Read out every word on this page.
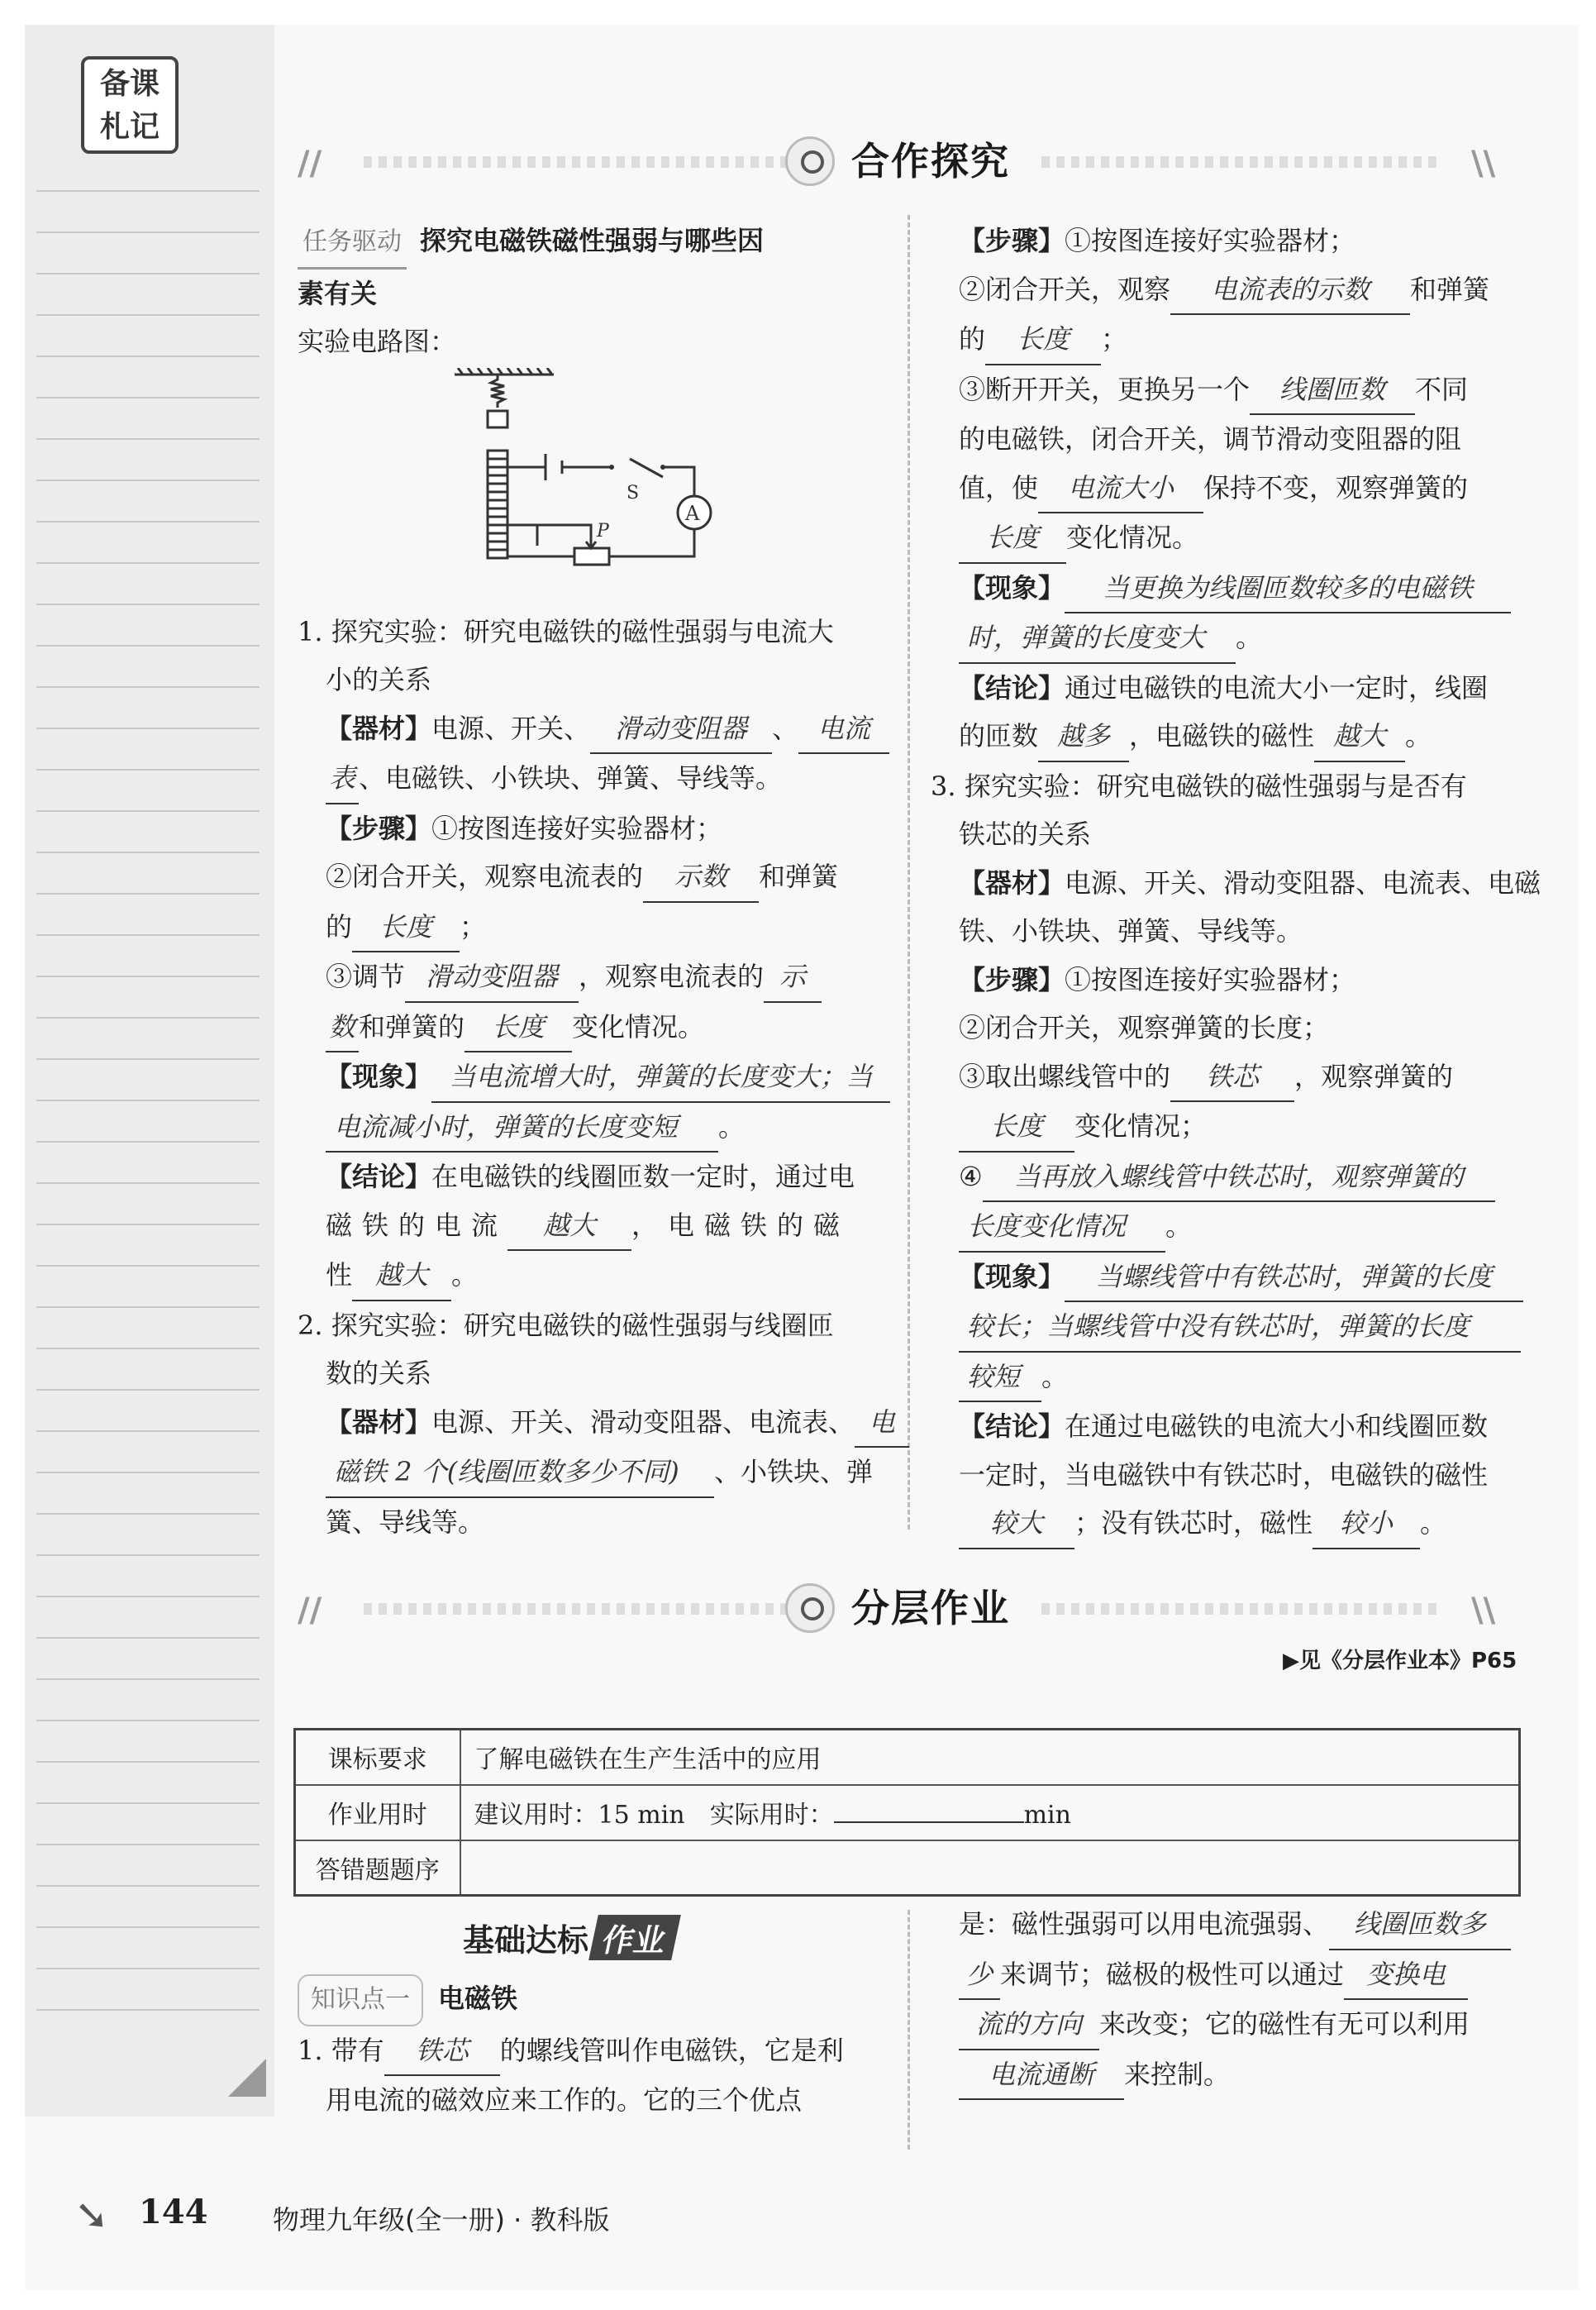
备课
札记
//	合作探究	\\
任务驱动 探究电磁铁磁性强弱与哪些因
素有关
实验电路图：
1. 探究实验：研究电磁铁的磁性强弱与电流大
小的关系
【器材】电源、开关、 滑动变阻器 、 电流
表 、电磁铁、小铁块、弹簧、导线等。
【步骤】①按图连接好实验器材；
②闭合开关，观察电流表的 示数 和弹簧
的 长度 ；
③调节 滑动变阻器 ，观察电流表的 示
数 和弹簧的 长度 变化情况。
【现象】 当电流增大时，弹簧的长度变大；当
电流减小时，弹簧的长度变短 。
【结论】在电磁铁的线圈匝数一定时，通过电
磁铁的电流 越大 ，电磁铁的磁
性 越大 。
2. 探究实验：研究电磁铁的磁性强弱与线圈匝
数的关系
【器材】电源、开关、滑动变阻器、电流表、 电
磁铁 2 个(线圈匝数多少不同) 、小铁块、弹
簧、导线等。
S
A
P
【步骤】①按图连接好实验器材；
②闭合开关，观察 电流表的示数 和弹簧
的 长度 ；
③断开开关，更换另一个 线圈匝数 不同
的电磁铁，闭合开关，调节滑动变阻器的阻
值，使 电流大小 保持不变，观察弹簧的
长度 变化情况。
【现象】 当更换为线圈匝数较多的电磁铁
时，弹簧的长度变大 。
【结论】通过电磁铁的电流大小一定时，线圈
的匝数 越多 ，电磁铁的磁性 越大 。
3. 探究实验：研究电磁铁的磁性强弱与是否有
铁芯的关系
【器材】电源、开关、滑动变阻器、电流表、电磁
铁、小铁块、弹簧、导线等。
【步骤】①按图连接好实验器材；
②闭合开关，观察弹簧的长度；
③取出螺线管中的 铁芯 ，观察弹簧的
长度 变化情况；
④ 当再放入螺线管中铁芯时，观察弹簧的
长度变化情况 。
【现象】 当螺线管中有铁芯时，弹簧的长度
较长；当螺线管中没有铁芯时，弹簧的长度
较短 。
【结论】在通过电磁铁的电流大小和线圈匝数
一定时，当电磁铁中有铁芯时，电磁铁的磁性
较大 ；没有铁芯时，磁性 较小 。
//	分层作业	\\
▶见《分层作业本》P65
课标要求	了解电磁铁在生产生活中的应用
作业用时	建议用时：15 min　实际用时： min
答错题题序	
基础达标 作业
知识点一 电磁铁
1. 带有 铁芯 的螺线管叫作电磁铁，它是利
用电流的磁效应来工作的。它的三个优点
是：磁性强弱可以用电流强弱、 线圈匝数多
少 来调节；磁极的极性可以通过 变换电
流的方向 来改变；它的磁性有无可以利用
电流通断 来控制。
➘ 144 物理九年级(全一册) · 教科版
